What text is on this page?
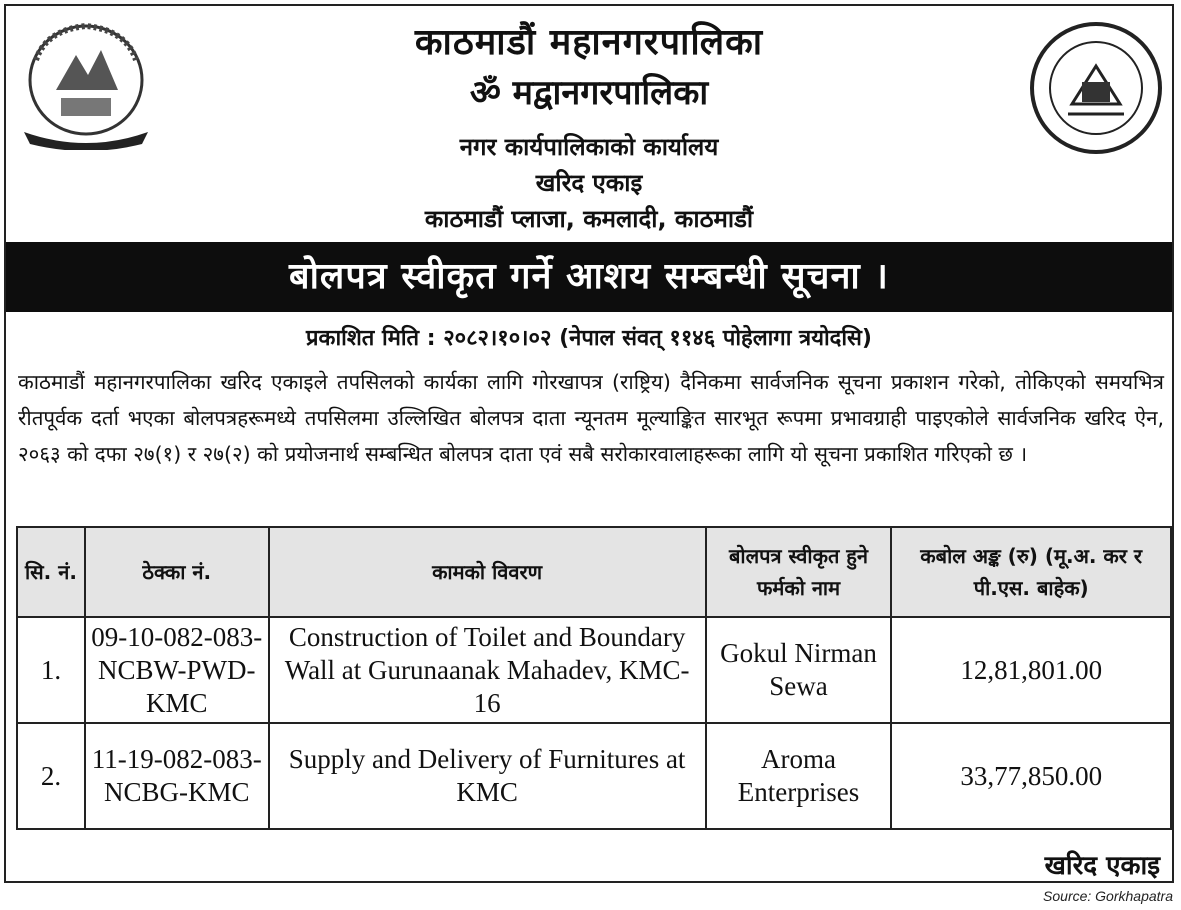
काठमाडौं महानगरपालिका
ॐ मद्वानगरपालिका
नगर कार्यपालिकाको कार्यालय
खरिद एकाइ
काठमाडौं प्लाजा, कमलादी, काठमाडौं
बोलपत्र स्वीकृत गर्ने आशय सम्बन्धी सूचना ।
प्रकाशित मिति : २०८२।१०।०२ (नेपाल संवत् ११४६ पोहेलागा त्रयोदसि)
काठमाडौं महानगरपालिका खरिद एकाइले तपसिलको कार्यका लागि गोरखापत्र (राष्ट्रिय) दैनिकमा सार्वजनिक सूचना प्रकाशन गरेको, तोकिएको समयभित्र रीतपूर्वक दर्ता भएका बोलपत्रहरूमध्ये तपसिलमा उल्लिखित बोलपत्र दाता न्यूनतम मूल्याङ्कित सारभूत रूपमा प्रभावग्राही पाइएकोले सार्वजनिक खरिद ऐन, २०६३ को दफा २७(१) र २७(२) को प्रयोजनार्थ सम्बन्धित बोलपत्र दाता एवं सबै सरोकारवालाहरूका लागि यो सूचना प्रकाशित गरिएको छ ।
खरिद एकाइ
सि. नं.	ठेक्का नं.	कामको विवरण	बोलपत्र स्वीकृत हुने फर्मको नाम	कबोल अङ्क (रु) (मू.अ. कर र पी.एस. बाहेक)
1.	09-10-082-083-NCBW-PWD-KMC	Construction of Toilet and Boundary Wall at Gurunaanak Mahadev, KMC-16	Gokul Nirman Sewa	12,81,801.00
2.	11-19-082-083-NCBG-KMC	Supply and Delivery of Furnitures at KMC	Aroma Enterprises	33,77,850.00
Source: Gorkhapatra
